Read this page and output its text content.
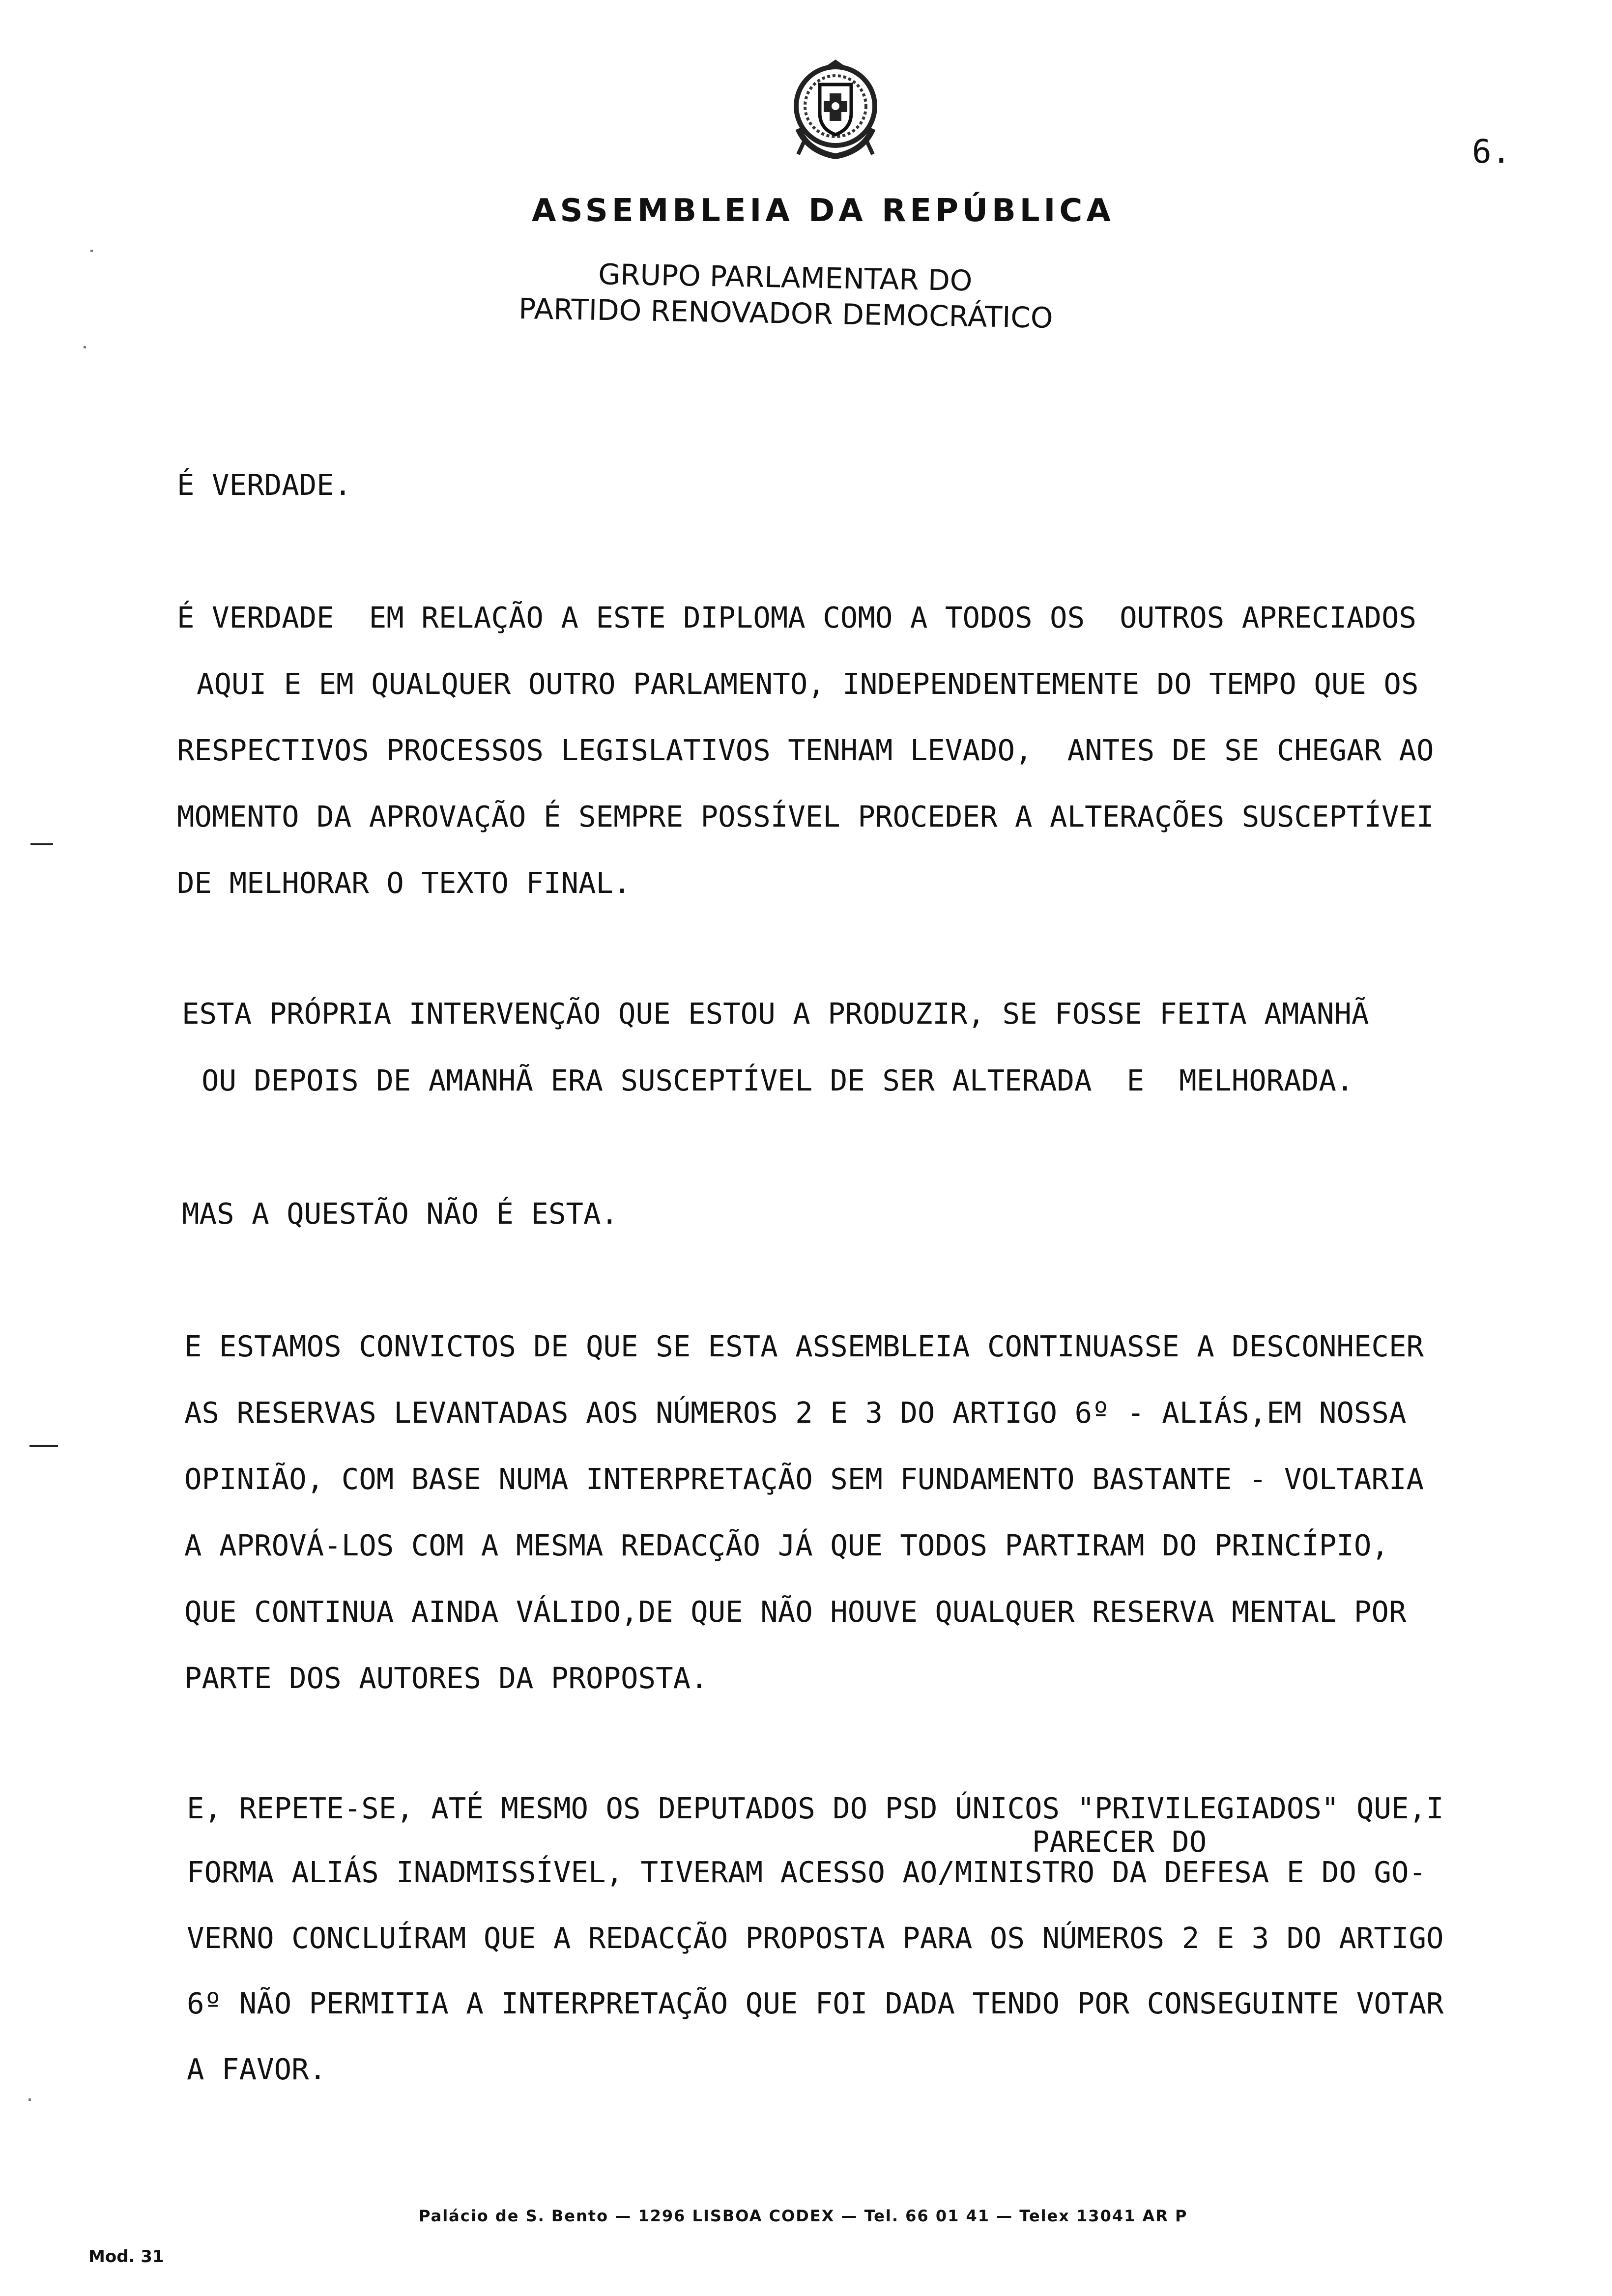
6.
ASSEMBLEIA DA REPÚBLICA
GRUPO PARLAMENTAR DO
PARTIDO RENOVADOR DEMOCRÁTICO

É VERDADE.

É VERDADE  EM RELAÇÃO A ESTE DIPLOMA COMO A TODOS OS  OUTROS APRECIADOS

AQUI E EM QUALQUER OUTRO PARLAMENTO, INDEPENDENTEMENTE DO TEMPO QUE OS

RESPECTIVOS PROCESSOS LEGISLATIVOS TENHAM LEVADO,  ANTES DE SE CHEGAR AO

MOMENTO DA APROVAÇÃO É SEMPRE POSSÍVEL PROCEDER A ALTERAÇÕES SUSCEPTÍVEI

DE MELHORAR O TEXTO FINAL.

ESTA PRÓPRIA INTERVENÇÃO QUE ESTOU A PRODUZIR, SE FOSSE FEITA AMANHÃ

OU DEPOIS DE AMANHÃ ERA SUSCEPTÍVEL DE SER ALTERADA  E  MELHORADA.

MAS A QUESTÃO NÃO É ESTA.

E ESTAMOS CONVICTOS DE QUE SE ESTA ASSEMBLEIA CONTINUASSE A DESCONHECER

AS RESERVAS LEVANTADAS AOS NÚMEROS 2 E 3 DO ARTIGO 6º - ALIÁS,EM NOSSA

OPINIÃO, COM BASE NUMA INTERPRETAÇÃO SEM FUNDAMENTO BASTANTE - VOLTARIA

A APROVÁ-LOS COM A MESMA REDACÇÃO JÁ QUE TODOS PARTIRAM DO PRINCÍPIO,

QUE CONTINUA AINDA VÁLIDO,DE QUE NÃO HOUVE QUALQUER RESERVA MENTAL POR

PARTE DOS AUTORES DA PROPOSTA.

E, REPETE-SE, ATÉ MESMO OS DEPUTADOS DO PSD ÚNICOS "PRIVILEGIADOS" QUE,I

PARECER DO

FORMA ALIÁS INADMISSÍVEL, TIVERAM ACESSO AO/MINISTRO DA DEFESA E DO GO-

VERNO CONCLUÍRAM QUE A REDACÇÃO PROPOSTA PARA OS NÚMEROS 2 E 3 DO ARTIGO

6º NÃO PERMITIA A INTERPRETAÇÃO QUE FOI DADA TENDO POR CONSEGUINTE VOTAR

A FAVOR.

Palácio de S. Bento — 1296 LISBOA CODEX — Tel. 66 01 41 — Telex 13041 AR P
Mod. 31
